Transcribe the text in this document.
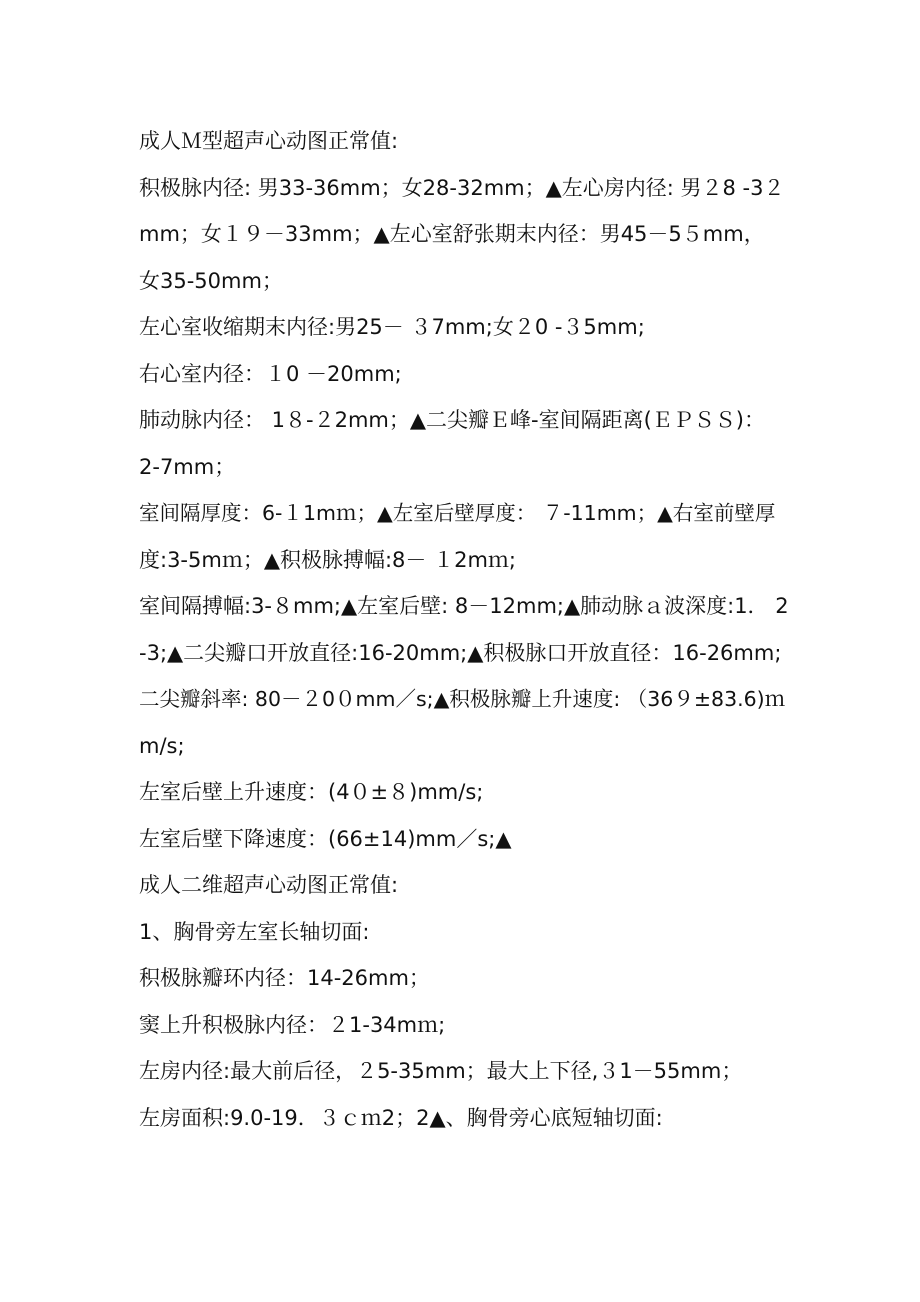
成人Ｍ型超声心动图正常值:
积极脉内径: 男33-36mm；女28-32mm；▲左心房内径: 男２8 -3２
mm；女１９－33mm；▲左心室舒张期末内径：男45－5５mm，
女35-50mm；
左心室收缩期末内径:男25－ ３7mm;女２0 -３5mm;
右心室内径：１0 －20mm;
肺动脉内径： 1８-２2mm；▲二尖瓣Ｅ峰-室间隔距离(ＥＰＳＳ)：
2-7mm；
室间隔厚度：6-１1mｍ；▲左室后壁厚度： ７-11mm；▲右室前壁厚
度:3-5mｍ；▲积极脉搏幅:8－ １2mｍ;
室间隔搏幅:3-８mm;▲左室后壁: 8－12mm;▲肺动脉ａ波深度:1． 2
-3;▲二尖瓣口开放直径:16-20mm;▲积极脉口开放直径：16-26mm;
二尖瓣斜率: 80－２0０mm／s;▲积极脉瓣上升速度: （36９±83.6)ｍ
m/s;
左室后壁上升速度：(4０±８)mm/s;
左室后壁下降速度：(66±14)mm／s;▲
成人二维超声心动图正常值:
1、胸骨旁左室长轴切面:
积极脉瓣环内径：14-26mm；
窦上升积极脉内径：２1-34mｍ;
左房内径:最大前后径，２5-35mm；最大上下径,３1－55mm；
左房面积:9.0-19．３ｃｍ2；2▲、胸骨旁心底短轴切面:
